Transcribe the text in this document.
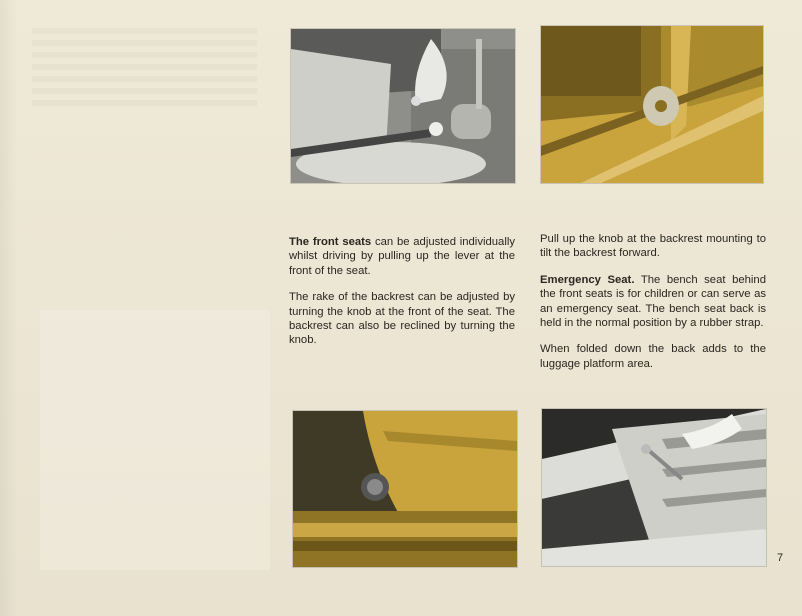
The front seats can be adjusted individually whilst driving by pulling up the lever at the front of the seat.

The rake of the backrest can be adjusted by turning the knob at the front of the seat. The backrest can also be reclined by turning the knob.

Pull up the knob at the backrest mounting to tilt the backrest forward.

Emergency Seat. The bench seat behind the front seats is for children or can serve as an emergency seat. The bench seat back is held in the normal position by a rubber strap.

When folded down the back adds to the luggage platform area.

7
